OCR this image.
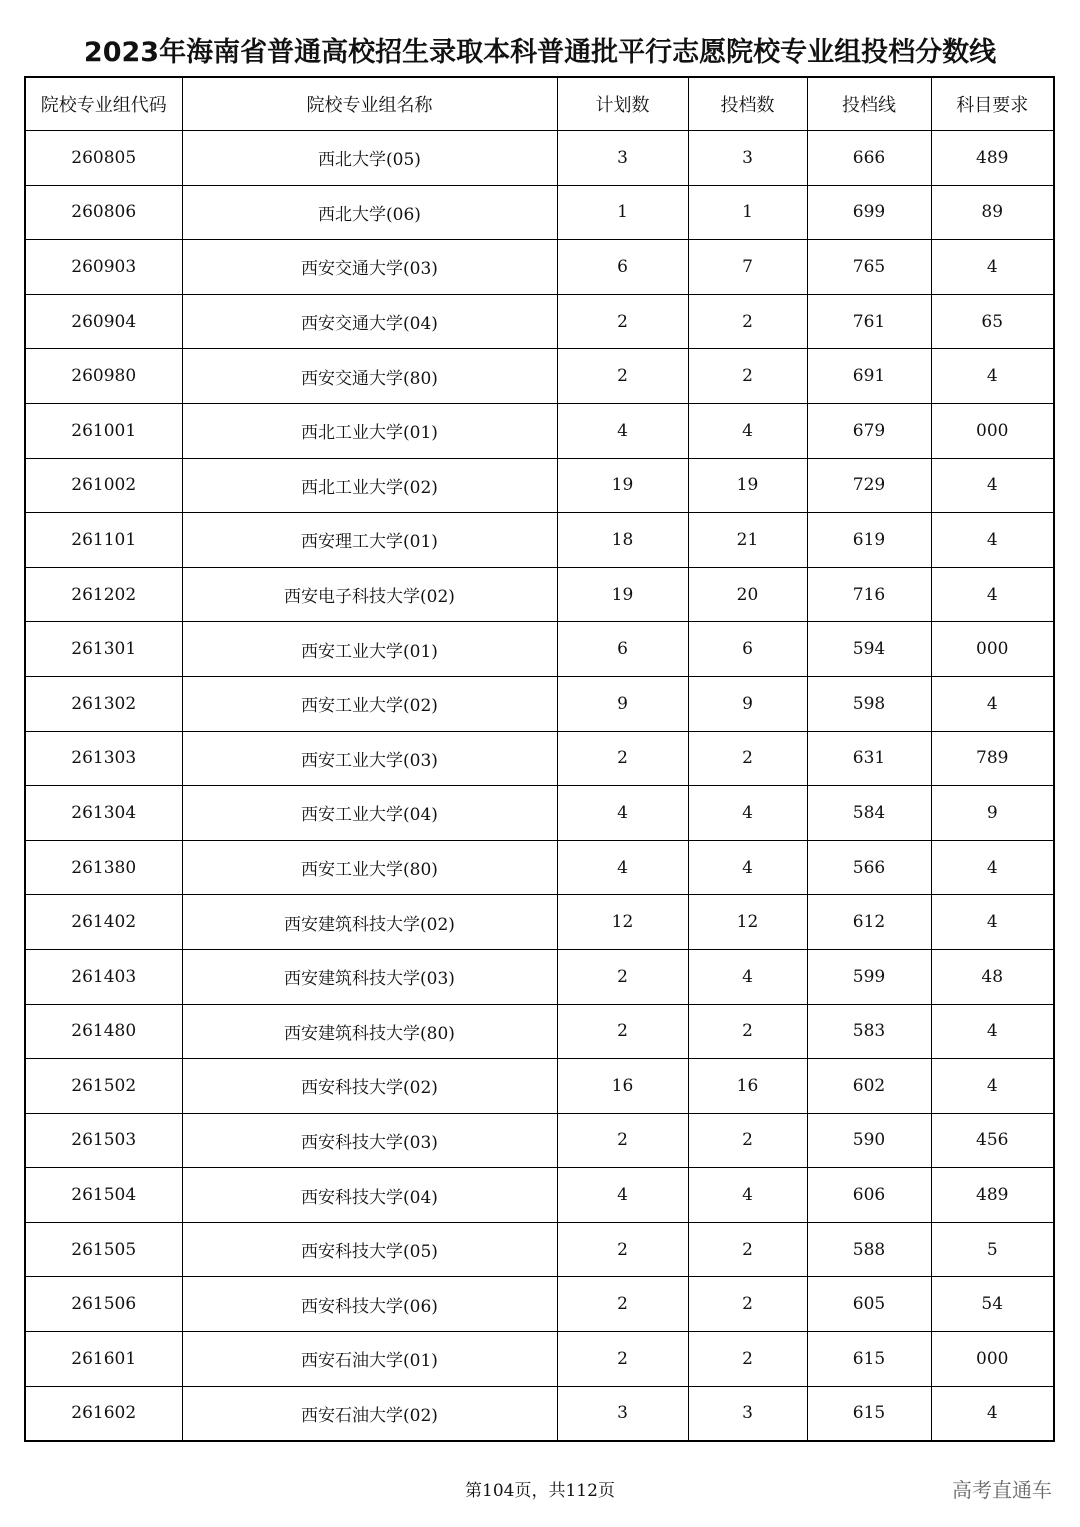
2023年海南省普通高校招生录取本科普通批平行志愿院校专业组投档分数线
院校专业组代码	院校专业组名称	计划数	投档数	投档线	科目要求
260805	西北大学(05)	3	3	666	489
260806	西北大学(06)	1	1	699	89
260903	西安交通大学(03)	6	7	765	4
260904	西安交通大学(04)	2	2	761	65
260980	西安交通大学(80)	2	2	691	4
261001	西北工业大学(01)	4	4	679	000
261002	西北工业大学(02)	19	19	729	4
261101	西安理工大学(01)	18	21	619	4
261202	西安电子科技大学(02)	19	20	716	4
261301	西安工业大学(01)	6	6	594	000
261302	西安工业大学(02)	9	9	598	4
261303	西安工业大学(03)	2	2	631	789
261304	西安工业大学(04)	4	4	584	9
261380	西安工业大学(80)	4	4	566	4
261402	西安建筑科技大学(02)	12	12	612	4
261403	西安建筑科技大学(03)	2	4	599	48
261480	西安建筑科技大学(80)	2	2	583	4
261502	西安科技大学(02)	16	16	602	4
261503	西安科技大学(03)	2	2	590	456
261504	西安科技大学(04)	4	4	606	489
261505	西安科技大学(05)	2	2	588	5
261506	西安科技大学(06)	2	2	605	54
261601	西安石油大学(01)	2	2	615	000
261602	西安石油大学(02)	3	3	615	4
第104页，共112页	高考直通车
